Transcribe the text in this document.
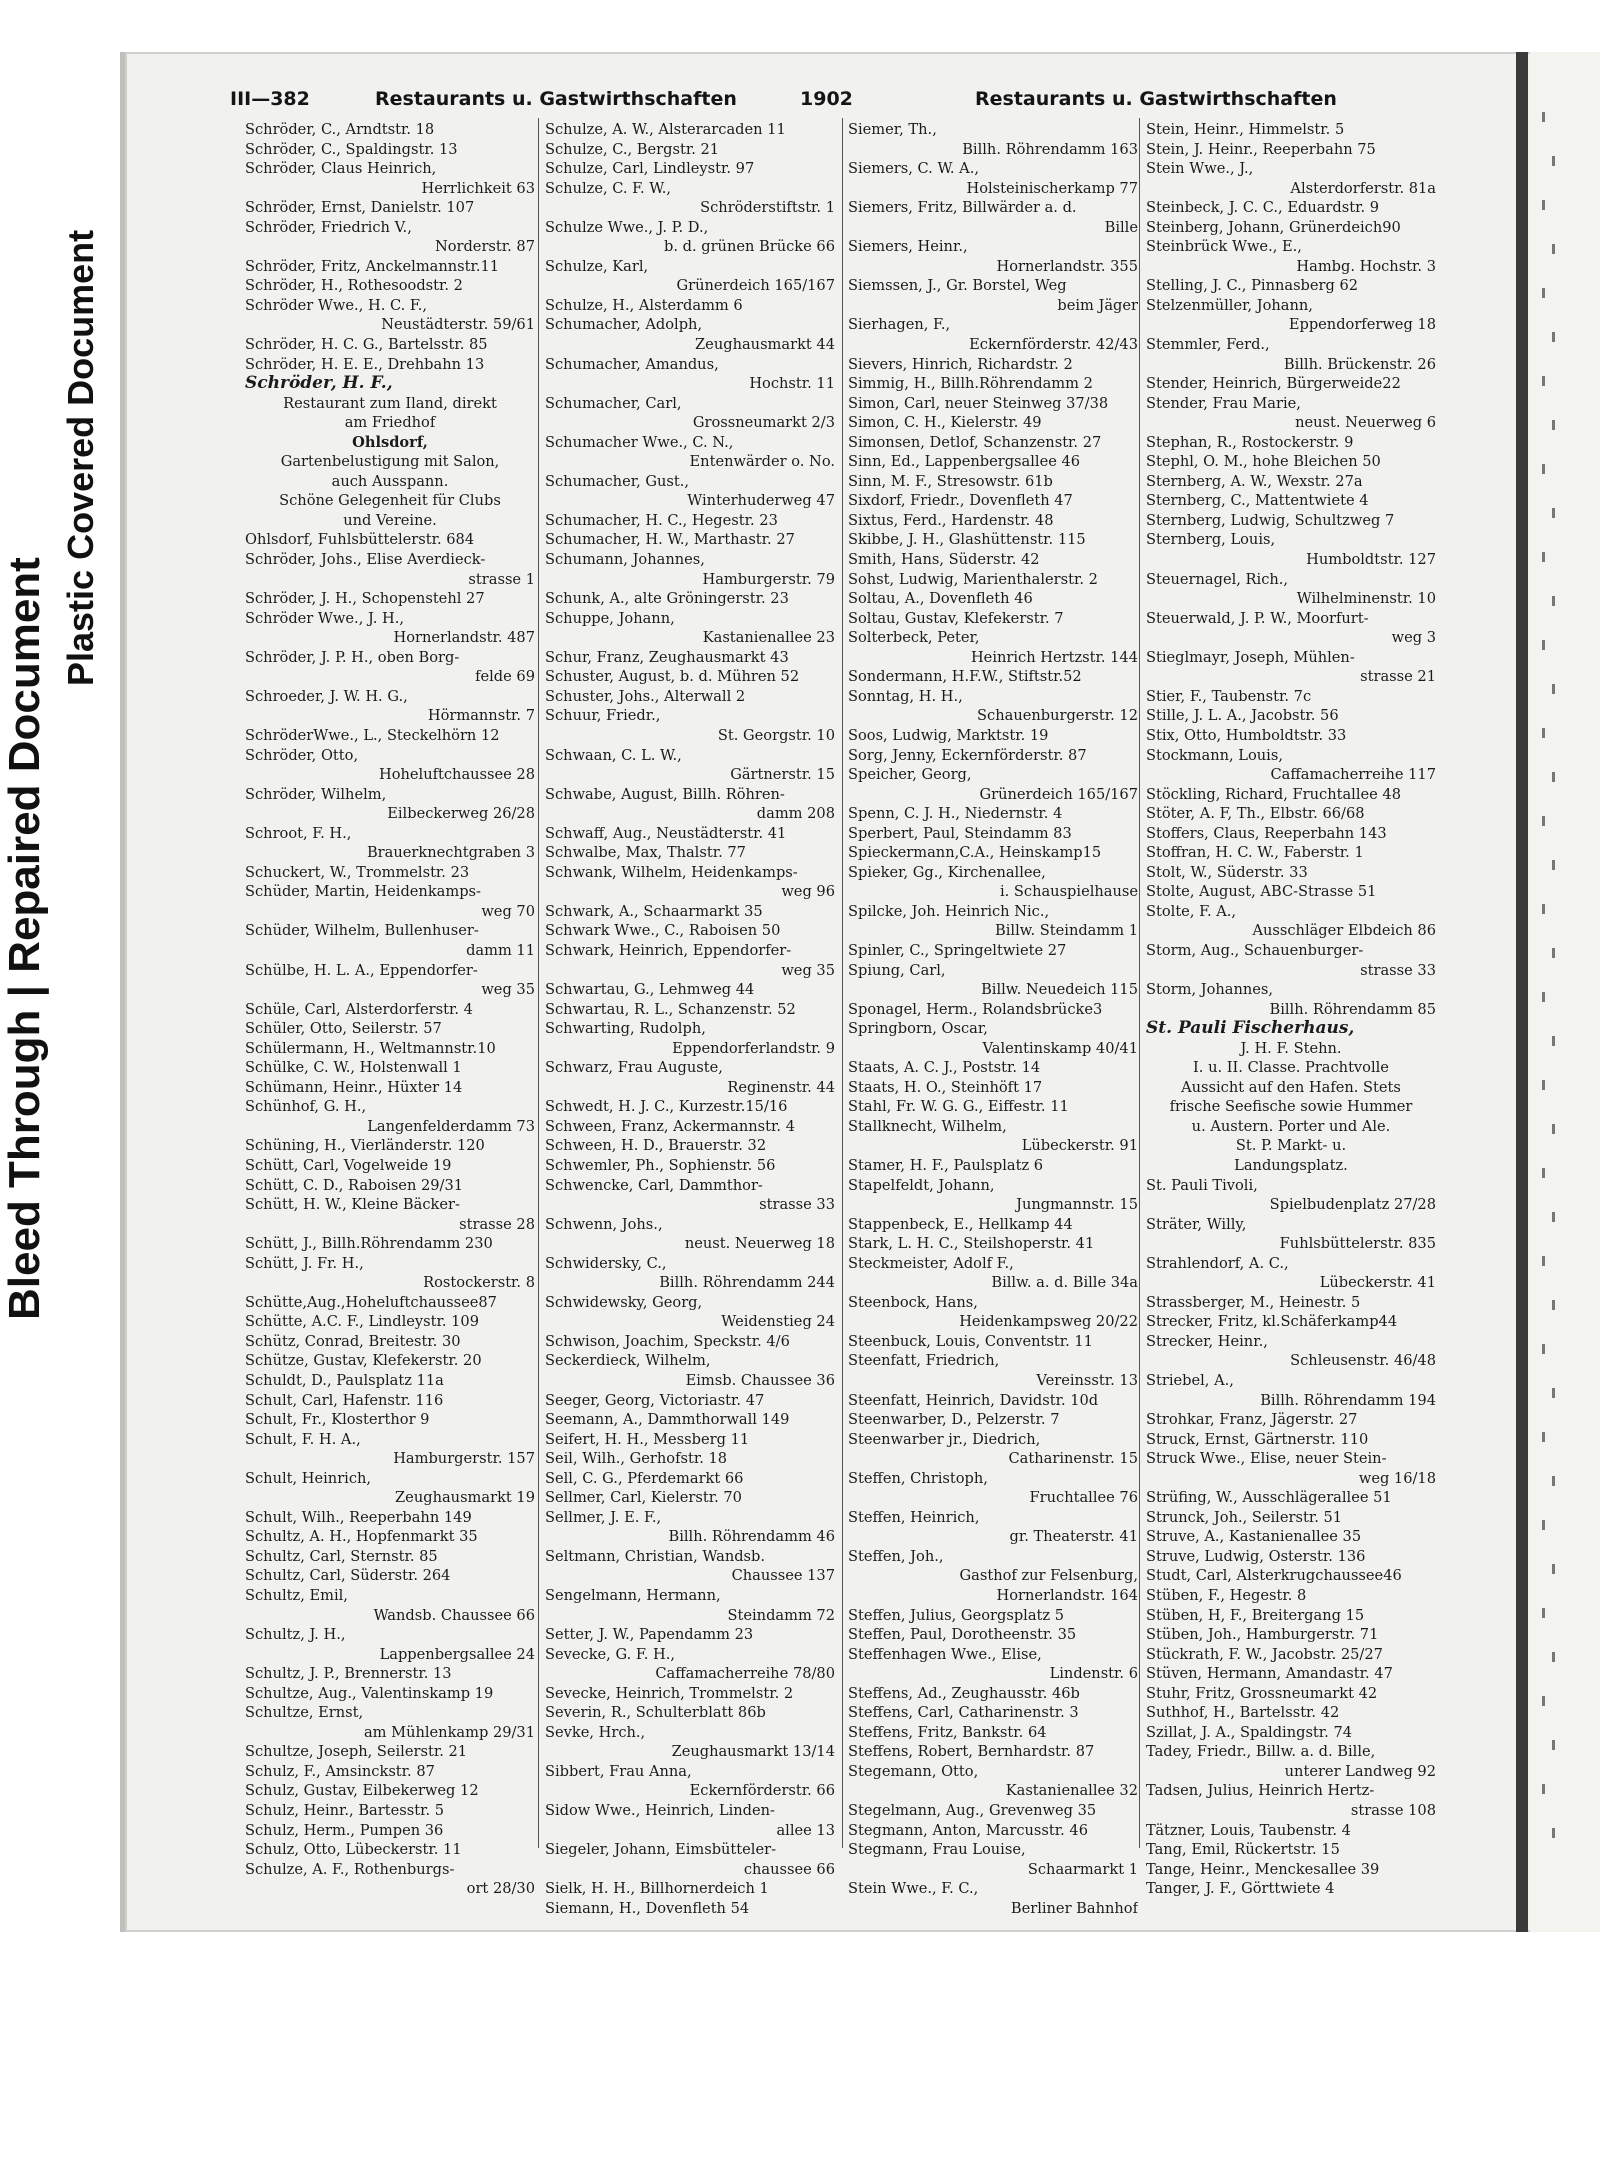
Bleed Through | Repaired Document
Plastic Covered Document
III—382	Restaurants u. Gastwirthschaften	1902	Restaurants u. Gastwirthschaften
Schröder, C., Arndtstr. 18
Schröder, C., Spaldingstr. 13
Schröder, Claus Heinrich,
Herrlichkeit 63
Schröder, Ernst, Danielstr. 107
Schröder, Friedrich V.,
Norderstr. 87
Schröder, Fritz, Anckelmannstr.11
Schröder, H., Rothesoodstr. 2
Schröder Wwe., H. C. F.,
Neustädterstr. 59/61
Schröder, H. C. G., Bartelsstr. 85
Schröder, H. E. E., Drehbahn 13
Schröder, H. F.,
Restaurant zum Iland, direkt
am Friedhof
Ohlsdorf,
Gartenbelustigung mit Salon,
auch Ausspann.
Schöne Gelegenheit für Clubs
und Vereine.
Ohlsdorf, Fuhlsbüttelerstr. 684
Schröder, Johs., Elise Averdieck-
strasse 1
Schröder, J. H., Schopenstehl 27
Schröder Wwe., J. H.,
Hornerlandstr. 487
Schröder, J. P. H., oben Borg-
felde 69
Schroeder, J. W. H. G.,
Hörmannstr. 7
SchröderWwe., L., Steckelhörn 12
Schröder, Otto,
Hoheluftchaussee 28
Schröder, Wilhelm,
Eilbeckerweg 26/28
Schroot, F. H.,
Brauerknechtgraben 3
Schuckert, W., Trommelstr. 23
Schüder, Martin, Heidenkamps-
weg 70
Schüder, Wilhelm, Bullenhuser-
damm 11
Schülbe, H. L. A., Eppendorfer-
weg 35
Schüle, Carl, Alsterdorferstr. 4
Schüler, Otto, Seilerstr. 57
Schülermann, H., Weltmannstr.10
Schülke, C. W., Holstenwall 1
Schümann, Heinr., Hüxter 14
Schünhof, G. H.,
Langenfelderdamm 73
Schüning, H., Vierländerstr. 120
Schütt, Carl, Vogelweide 19
Schütt, C. D., Raboisen 29/31
Schütt, H. W., Kleine Bäcker-
strasse 28
Schütt, J., Billh.Röhrendamm 230
Schütt, J. Fr. H.,
Rostockerstr. 8
Schütte,Aug.,Hoheluftchaussee87
Schütte, A.C. F., Lindleystr. 109
Schütz, Conrad, Breitestr. 30
Schütze, Gustav, Klefekerstr. 20
Schuldt, D., Paulsplatz 11a
Schult, Carl, Hafenstr. 116
Schult, Fr., Klosterthor 9
Schult, F. H. A.,
Hamburgerstr. 157
Schult, Heinrich,
Zeughausmarkt 19
Schult, Wilh., Reeperbahn 149
Schultz, A. H., Hopfenmarkt 35
Schultz, Carl, Sternstr. 85
Schultz, Carl, Süderstr. 264
Schultz, Emil,
Wandsb. Chaussee 66
Schultz, J. H.,
Lappenbergsallee 24
Schultz, J. P., Brennerstr. 13
Schultze, Aug., Valentinskamp 19
Schultze, Ernst,
am Mühlenkamp 29/31
Schultze, Joseph, Seilerstr. 21
Schulz, F., Amsinckstr. 87
Schulz, Gustav, Eilbekerweg 12
Schulz, Heinr., Bartesstr. 5
Schulz, Herm., Pumpen 36
Schulz, Otto, Lübeckerstr. 11
Schulze, A. F., Rothenburgs-
ort 28/30
Schulze, A. W., Alsterarcaden 11
Schulze, C., Bergstr. 21
Schulze, Carl, Lindleystr. 97
Schulze, C. F. W.,
Schröderstiftstr. 1
Schulze Wwe., J. P. D.,
b. d. grünen Brücke 66
Schulze, Karl,
Grünerdeich 165/167
Schulze, H., Alsterdamm 6
Schumacher, Adolph,
Zeughausmarkt 44
Schumacher, Amandus,
Hochstr. 11
Schumacher, Carl,
Grossneumarkt 2/3
Schumacher Wwe., C. N.,
Entenwärder o. No.
Schumacher, Gust.,
Winterhuderweg 47
Schumacher, H. C., Hegestr. 23
Schumacher, H. W., Marthastr. 27
Schumann, Johannes,
Hamburgerstr. 79
Schunk, A., alte Gröningerstr. 23
Schuppe, Johann,
Kastanienallee 23
Schur, Franz, Zeughausmarkt 43
Schuster, August, b. d. Mühren 52
Schuster, Johs., Alterwall 2
Schuur, Friedr.,
St. Georgstr. 10
Schwaan, C. L. W.,
Gärtnerstr. 15
Schwabe, August, Billh. Röhren-
damm 208
Schwaff, Aug., Neustädterstr. 41
Schwalbe, Max, Thalstr. 77
Schwank, Wilhelm, Heidenkamps-
weg 96
Schwark, A., Schaarmarkt 35
Schwark Wwe., C., Raboisen 50
Schwark, Heinrich, Eppendorfer-
weg 35
Schwartau, G., Lehmweg 44
Schwartau, R. L., Schanzenstr. 52
Schwarting, Rudolph,
Eppendorferlandstr. 9
Schwarz, Frau Auguste,
Reginenstr. 44
Schwedt, H. J. C., Kurzestr.15/16
Schween, Franz, Ackermannstr. 4
Schween, H. D., Brauerstr. 32
Schwemler, Ph., Sophienstr. 56
Schwencke, Carl, Dammthor-
strasse 33
Schwenn, Johs.,
neust. Neuerweg 18
Schwidersky, C.,
Billh. Röhrendamm 244
Schwidewsky, Georg,
Weidenstieg 24
Schwison, Joachim, Speckstr. 4/6
Seckerdieck, Wilhelm,
Eimsb. Chaussee 36
Seeger, Georg, Victoriastr. 47
Seemann, A., Dammthorwall 149
Seifert, H. H., Messberg 11
Seil, Wilh., Gerhofstr. 18
Sell, C. G., Pferdemarkt 66
Sellmer, Carl, Kielerstr. 70
Sellmer, J. E. F.,
Billh. Röhrendamm 46
Seltmann, Christian, Wandsb.
Chaussee 137
Sengelmann, Hermann,
Steindamm 72
Setter, J. W., Papendamm 23
Sevecke, G. F. H.,
Caffamacherreihe 78/80
Sevecke, Heinrich, Trommelstr. 2
Severin, R., Schulterblatt 86b
Sevke, Hrch.,
Zeughausmarkt 13/14
Sibbert, Frau Anna,
Eckernförderstr. 66
Sidow Wwe., Heinrich, Linden-
allee 13
Siegeler, Johann, Eimsbütteler-
chaussee 66
Sielk, H. H., Billhornerdeich 1
Siemann, H., Dovenfleth 54
Siemer, Th.,
Billh. Röhrendamm 163
Siemers, C. W. A.,
Holsteinischerkamp 77
Siemers, Fritz, Billwärder a. d.
Bille
Siemers, Heinr.,
Hornerlandstr. 355
Siemssen, J., Gr. Borstel, Weg
beim Jäger
Sierhagen, F.,
Eckernförderstr. 42/43
Sievers, Hinrich, Richardstr. 2
Simmig, H., Billh.Röhrendamm 2
Simon, Carl, neuer Steinweg 37/38
Simon, C. H., Kielerstr. 49
Simonsen, Detlof, Schanzenstr. 27
Sinn, Ed., Lappenbergsallee 46
Sinn, M. F., Stresowstr. 61b
Sixdorf, Friedr., Dovenfleth 47
Sixtus, Ferd., Hardenstr. 48
Skibbe, J. H., Glashüttenstr. 115
Smith, Hans, Süderstr. 42
Sohst, Ludwig, Marienthalerstr. 2
Soltau, A., Dovenfleth 46
Soltau, Gustav, Klefekerstr. 7
Solterbeck, Peter,
Heinrich Hertzstr. 144
Sondermann, H.F.W., Stiftstr.52
Sonntag, H. H.,
Schauenburgerstr. 12
Soos, Ludwig, Marktstr. 19
Sorg, Jenny, Eckernförderstr. 87
Speicher, Georg,
Grünerdeich 165/167
Spenn, C. J. H., Niedernstr. 4
Sperbert, Paul, Steindamm 83
Spieckermann,C.A., Heinskamp15
Spieker, Gg., Kirchenallee,
i. Schauspielhause
Spilcke, Joh. Heinrich Nic.,
Billw. Steindamm 1
Spinler, C., Springeltwiete 27
Spiung, Carl,
Billw. Neuedeich 115
Sponagel, Herm., Rolandsbrücke3
Springborn, Oscar,
Valentinskamp 40/41
Staats, A. C. J., Poststr. 14
Staats, H. O., Steinhöft 17
Stahl, Fr. W. G. G., Eiffestr. 11
Stallknecht, Wilhelm,
Lübeckerstr. 91
Stamer, H. F., Paulsplatz 6
Stapelfeldt, Johann,
Jungmannstr. 15
Stappenbeck, E., Hellkamp 44
Stark, L. H. C., Steilshoperstr. 41
Steckmeister, Adolf F.,
Billw. a. d. Bille 34a
Steenbock, Hans,
Heidenkampsweg 20/22
Steenbuck, Louis, Conventstr. 11
Steenfatt, Friedrich,
Vereinsstr. 13
Steenfatt, Heinrich, Davidstr. 10d
Steenwarber, D., Pelzerstr. 7
Steenwarber jr., Diedrich,
Catharinenstr. 15
Steffen, Christoph,
Fruchtallee 76
Steffen, Heinrich,
gr. Theaterstr. 41
Steffen, Joh.,
Gasthof zur Felsenburg,
Hornerlandstr. 164
Steffen, Julius, Georgsplatz 5
Steffen, Paul, Dorotheenstr. 35
Steffenhagen Wwe., Elise,
Lindenstr. 6
Steffens, Ad., Zeughausstr. 46b
Steffens, Carl, Catharinenstr. 3
Steffens, Fritz, Bankstr. 64
Steffens, Robert, Bernhardstr. 87
Stegemann, Otto,
Kastanienallee 32
Stegelmann, Aug., Grevenweg 35
Stegmann, Anton, Marcusstr. 46
Stegmann, Frau Louise,
Schaarmarkt 1
Stein Wwe., F. C.,
Berliner Bahnhof
Stein, Heinr., Himmelstr. 5
Stein, J. Heinr., Reeperbahn 75
Stein Wwe., J.,
Alsterdorferstr. 81a
Steinbeck, J. C. C., Eduardstr. 9
Steinberg, Johann, Grünerdeich90
Steinbrück Wwe., E.,
Hambg. Hochstr. 3
Stelling, J. C., Pinnasberg 62
Stelzenmüller, Johann,
Eppendorferweg 18
Stemmler, Ferd.,
Billh. Brückenstr. 26
Stender, Heinrich, Bürgerweide22
Stender, Frau Marie,
neust. Neuerweg 6
Stephan, R., Rostockerstr. 9
Stephl, O. M., hohe Bleichen 50
Sternberg, A. W., Wexstr. 27a
Sternberg, C., Mattentwiete 4
Sternberg, Ludwig, Schultzweg 7
Sternberg, Louis,
Humboldtstr. 127
Steuernagel, Rich.,
Wilhelminenstr. 10
Steuerwald, J. P. W., Moorfurt-
weg 3
Stieglmayr, Joseph, Mühlen-
strasse 21
Stier, F., Taubenstr. 7c
Stille, J. L. A., Jacobstr. 56
Stix, Otto, Humboldtstr. 33
Stockmann, Louis,
Caffamacherreihe 117
Stöckling, Richard, Fruchtallee 48
Stöter, A. F, Th., Elbstr. 66/68
Stoffers, Claus, Reeperbahn 143
Stoffran, H. C. W., Faberstr. 1
Stolt, W., Süderstr. 33
Stolte, August, ABC-Strasse 51
Stolte, F. A.,
Ausschläger Elbdeich 86
Storm, Aug., Schauenburger-
strasse 33
Storm, Johannes,
Billh. Röhrendamm 85
St. Pauli Fischerhaus,
J. H. F. Stehn.
I. u. II. Classe. Prachtvolle
Aussicht auf den Hafen. Stets
frische Seefische sowie Hummer
u. Austern. Porter und Ale.
St. P. Markt- u.
Landungsplatz.
St. Pauli Tivoli,
Spielbudenplatz 27/28
Sträter, Willy,
Fuhlsbüttelerstr. 835
Strahlendorf, A. C.,
Lübeckerstr. 41
Strassberger, M., Heinestr. 5
Strecker, Fritz, kl.Schäferkamp44
Strecker, Heinr.,
Schleusenstr. 46/48
Striebel, A.,
Billh. Röhrendamm 194
Strohkar, Franz, Jägerstr. 27
Struck, Ernst, Gärtnerstr. 110
Struck Wwe., Elise, neuer Stein-
weg 16/18
Strüfing, W., Ausschlägerallee 51
Strunck, Joh., Seilerstr. 51
Struve, A., Kastanienallee 35
Struve, Ludwig, Osterstr. 136
Studt, Carl, Alsterkrugchaussee46
Stüben, F., Hegestr. 8
Stüben, H, F., Breitergang 15
Stüben, Joh., Hamburgerstr. 71
Stückrath, F. W., Jacobstr. 25/27
Stüven, Hermann, Amandastr. 47
Stuhr, Fritz, Grossneumarkt 42
Suthhof, H., Bartelsstr. 42
Szillat, J. A., Spaldingstr. 74
Tadey, Friedr., Billw. a. d. Bille,
unterer Landweg 92
Tadsen, Julius, Heinrich Hertz-
strasse 108
Tätzner, Louis, Taubenstr. 4
Tang, Emil, Rückertstr. 15
Tange, Heinr., Menckesallee 39
Tanger, J. F., Görttwiete 4
